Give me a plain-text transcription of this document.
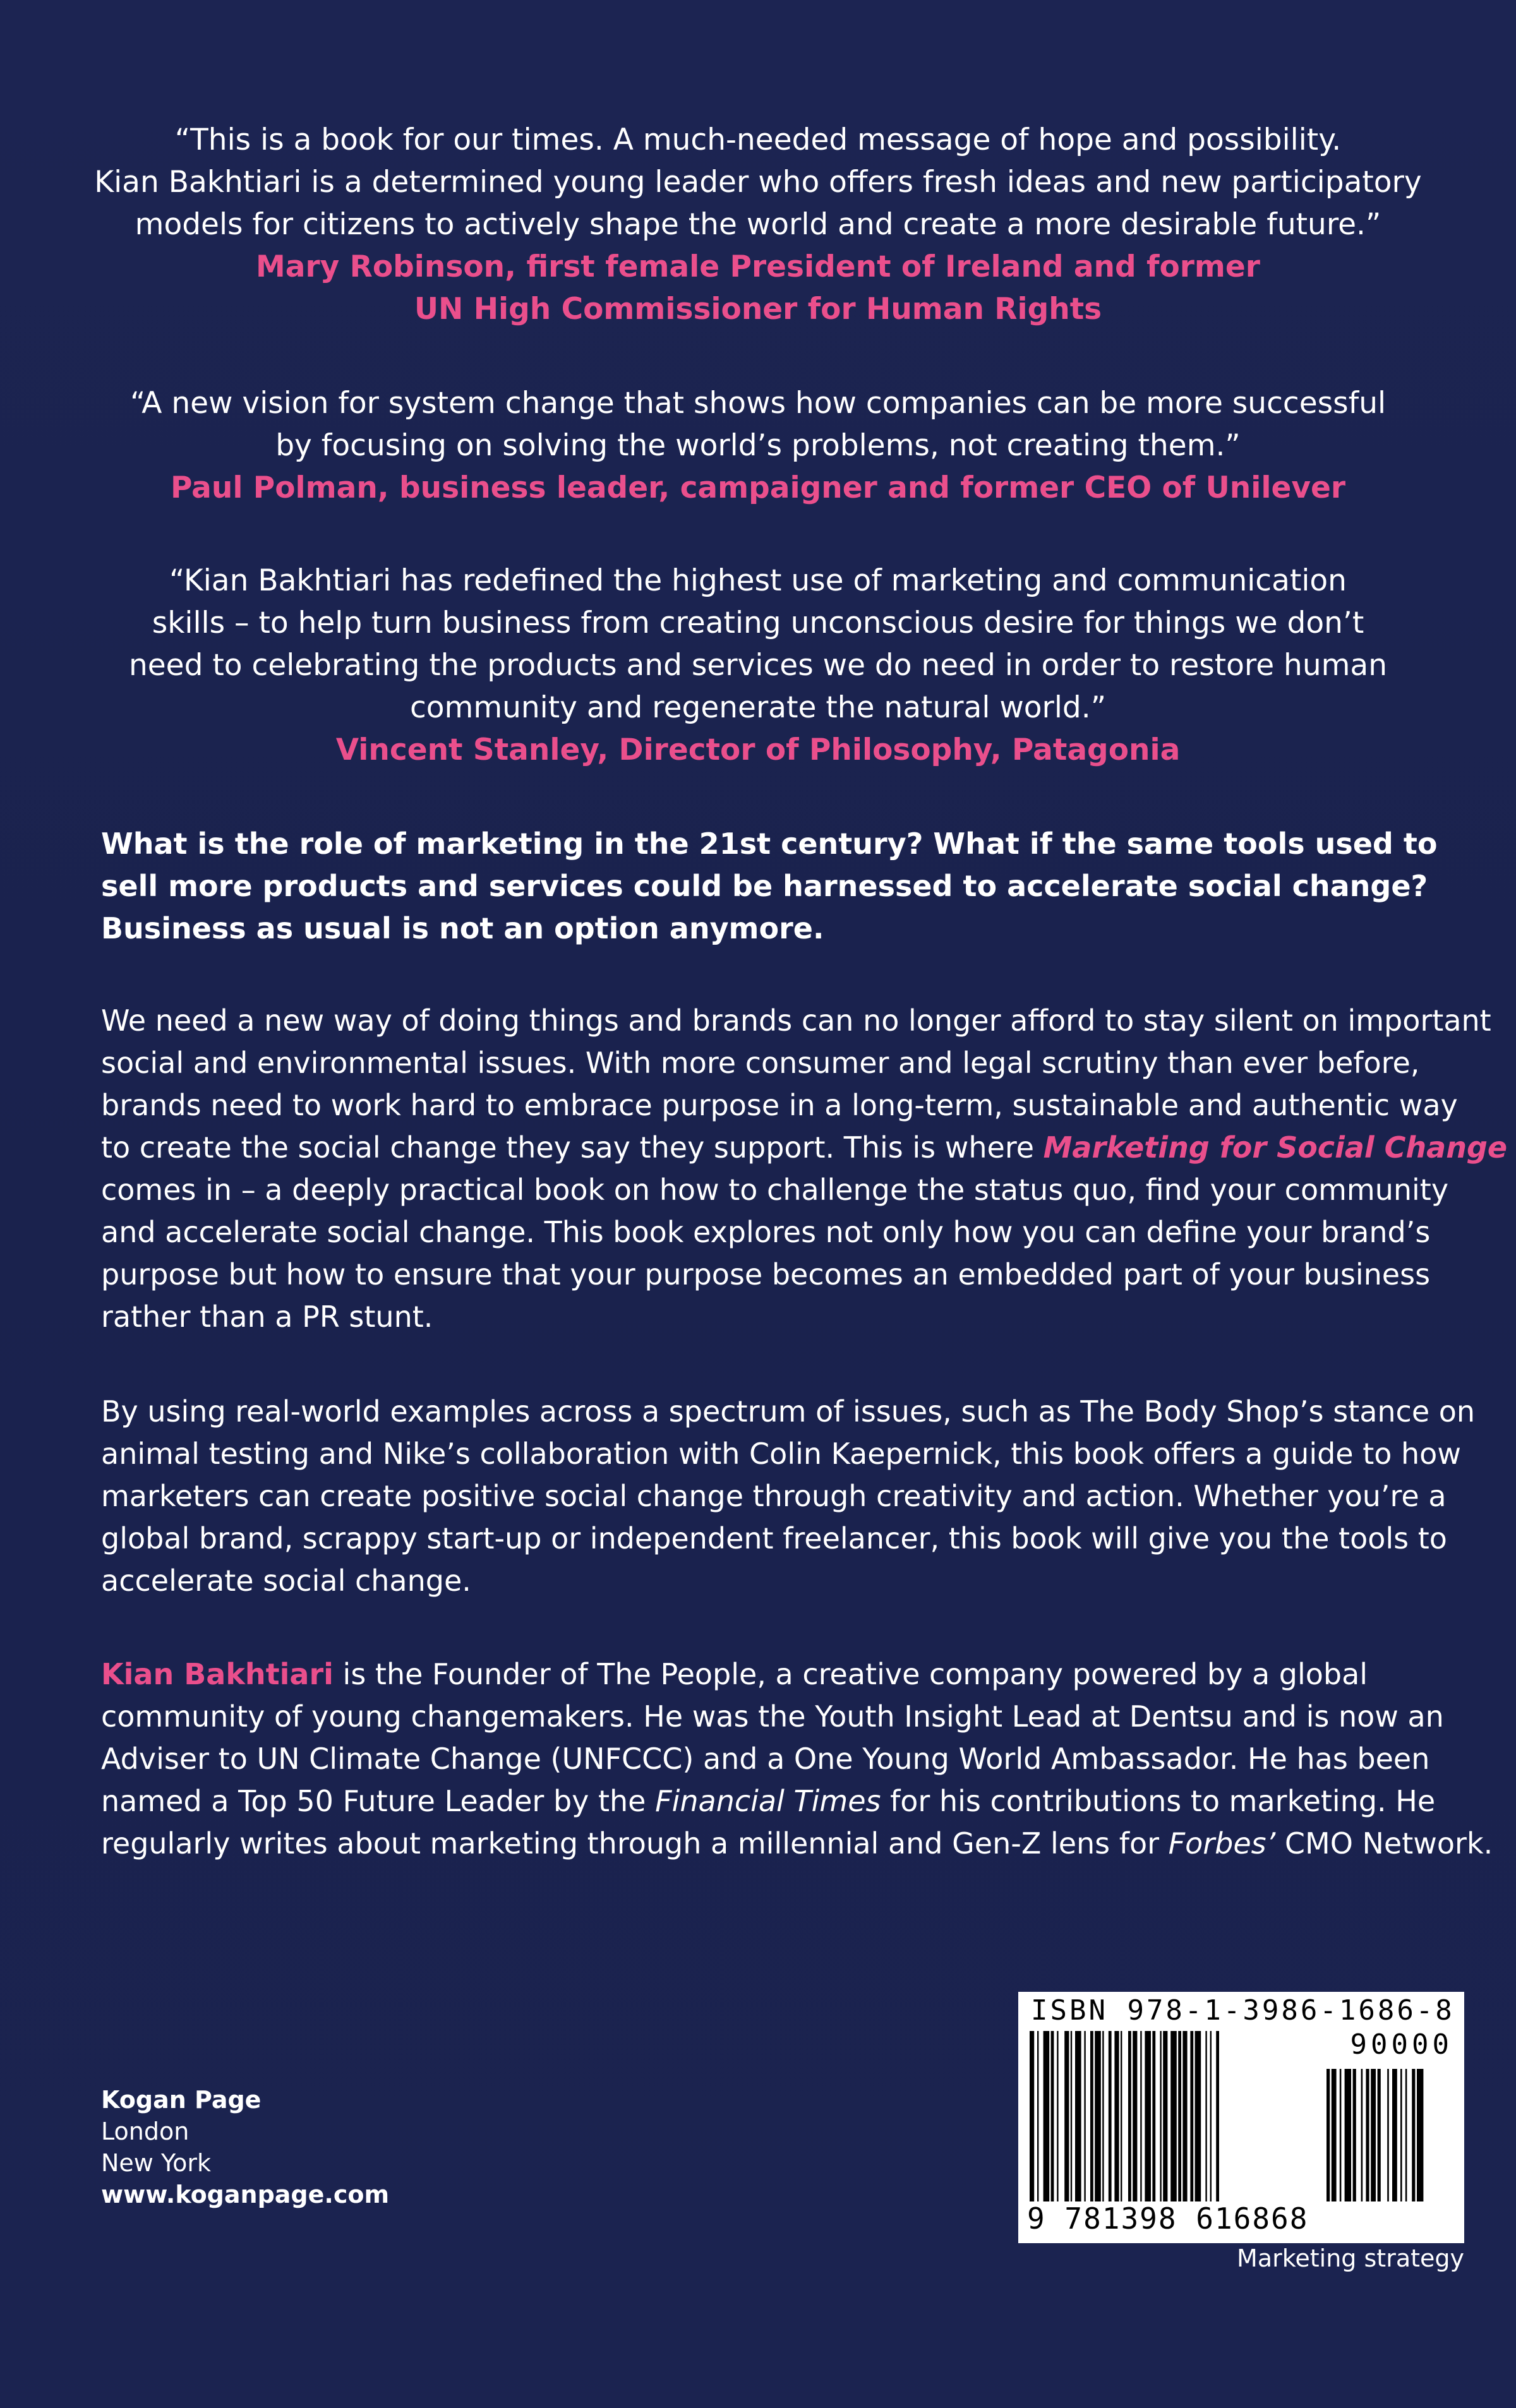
“This is a book for our times. A much-needed message of hope and possibility.
Kian Bakhtiari is a determined young leader who offers fresh ideas and new participatory
models for citizens to actively shape the world and create a more desirable future.”
Mary Robinson, first female President of Ireland and former
UN High Commissioner for Human Rights
“A new vision for system change that shows how companies can be more successful
by focusing on solving the world’s problems, not creating them.”
Paul Polman, business leader, campaigner and former CEO of Unilever
“Kian Bakhtiari has redefined the highest use of marketing and communication
skills – to help turn business from creating unconscious desire for things we don’t
need to celebrating the products and services we do need in order to restore human
community and regenerate the natural world.”
Vincent Stanley, Director of Philosophy, Patagonia
What is the role of marketing in the 21st century? What if the same tools used to
sell more products and services could be harnessed to accelerate social change?
Business as usual is not an option anymore.
We need a new way of doing things and brands can no longer afford to stay silent on important
social and environmental issues. With more consumer and legal scrutiny than ever before,
brands need to work hard to embrace purpose in a long-term, sustainable and authentic way
to create the social change they say they support. This is where Marketing for Social Change
comes in – a deeply practical book on how to challenge the status quo, find your community
and accelerate social change. This book explores not only how you can define your brand’s
purpose but how to ensure that your purpose becomes an embedded part of your business
rather than a PR stunt.
By using real-world examples across a spectrum of issues, such as The Body Shop’s stance on
animal testing and Nike’s collaboration with Colin Kaepernick, this book offers a guide to how
marketers can create positive social change through creativity and action. Whether you’re a
global brand, scrappy start-up or independent freelancer, this book will give you the tools to
accelerate social change.
Kian Bakhtiari is the Founder of The People, a creative company powered by a global
community of young changemakers. He was the Youth Insight Lead at Dentsu and is now an
Adviser to UN Climate Change (UNFCCC) and a One Young World Ambassador. He has been
named a Top 50 Future Leader by the Financial Times for his contributions to marketing. He
regularly writes about marketing through a millennial and Gen-Z lens for Forbes’ CMO Network.
Kogan Page
London
New York
www.koganpage.com
ISBN 978-1-3986-1686-8
90000
9 781398 616868
Marketing strategy
